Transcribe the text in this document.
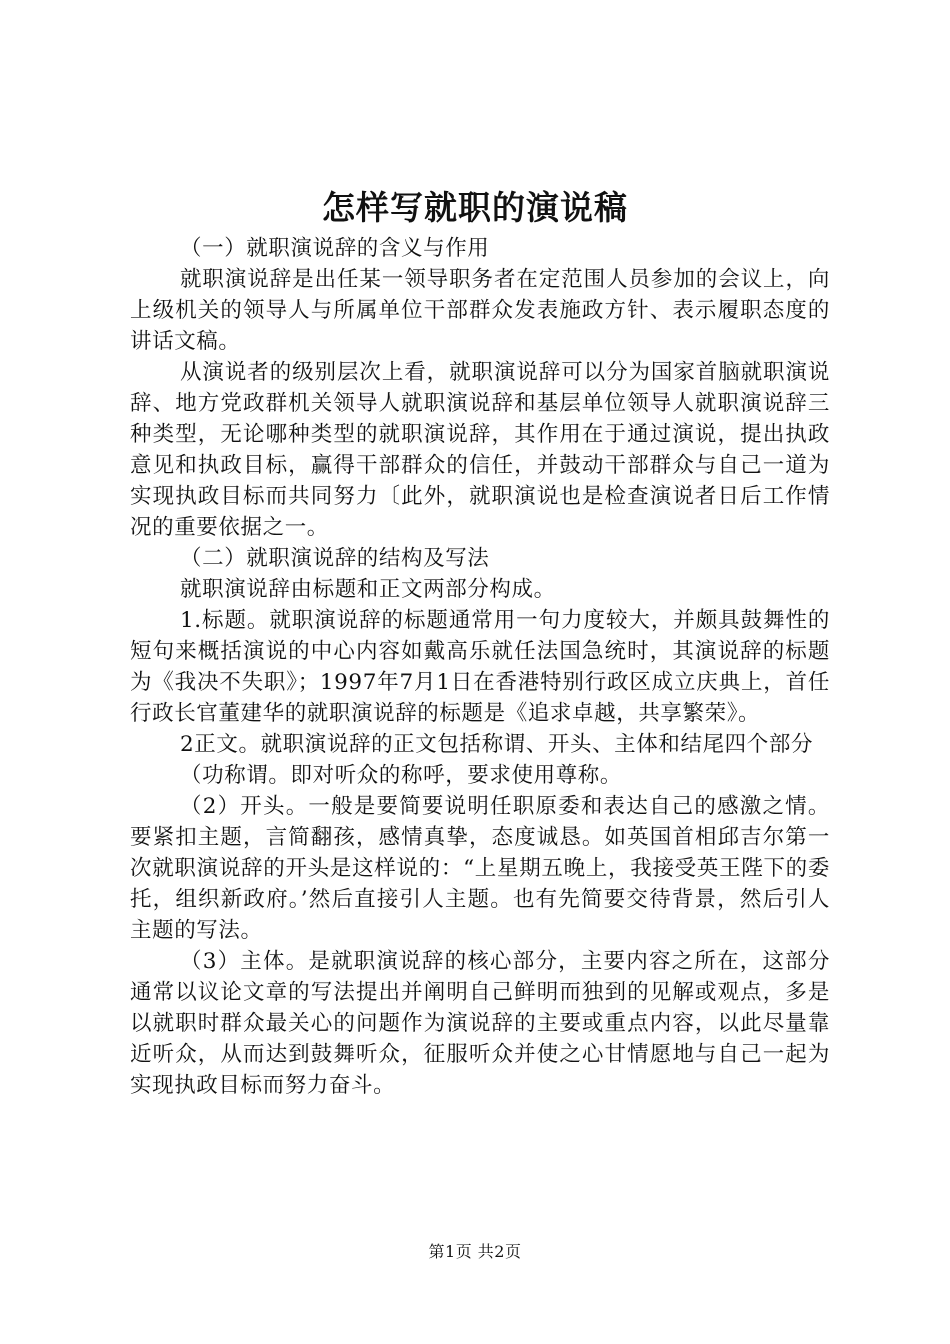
怎样写就职的演说稿

（一）就职演说辞的含义与作用

就职演说辞是出任某一领导职务者在定范围人员参加的会议上，向上级机关的领导人与所属单位干部群众发表施政方针、表示履职态度的讲话文稿。

从演说者的级别层次上看，就职演说辞可以分为国家首脑就职演说辞、地方党政群机关领导人就职演说辞和基层单位领导人就职演说辞三种类型，无论哪种类型的就职演说辞，其作用在于通过演说，提出执政意见和执政目标，赢得干部群众的信任，并鼓动干部群众与自己一道为实现执政目标而共同努力〔此外，就职演说也是检查演说者日后工作情况的重要依据之一。

（二）就职演说辞的结构及写法

就职演说辞由标题和正文两部分构成。

1.标题。就职演说辞的标题通常用一句力度较大，并颇具鼓舞性的短句来概括演说的中心内容如戴高乐就任法国急统时，其演说辞的标题为《我决不失职》；1997年7月1日在香港特别行政区成立庆典上，首任行政长官董建华的就职演说辞的标题是《追求卓越，共享繁荣》。

2正文。就职演说辞的正文包括称谓、开头、主体和结尾四个部分

（功称谓。即对听众的称呼，要求使用尊称。

（2）开头。一般是要简要说明任职原委和表达自己的感激之情。要紧扣主题，言简翻孩，感情真挚，态度诚恳。如英国首相邱吉尔第一次就职演说辞的开头是这样说的：“上星期五晚上，我接受英王陛下的委托，组织新政府。’然后直接引人主题。也有先简要交待背景，然后引人主题的写法。

（3）主体。是就职演说辞的核心部分，主要内容之所在，这部分通常以议论文章的写法提出并阐明自己鲜明而独到的见解或观点，多是以就职时群众最关心的问题作为演说辞的主要或重点内容，以此尽量靠近听众，从而达到鼓舞听众，征服听众并使之心甘情愿地与自己一起为实现执政目标而努力奋斗。

第1页 共2页
